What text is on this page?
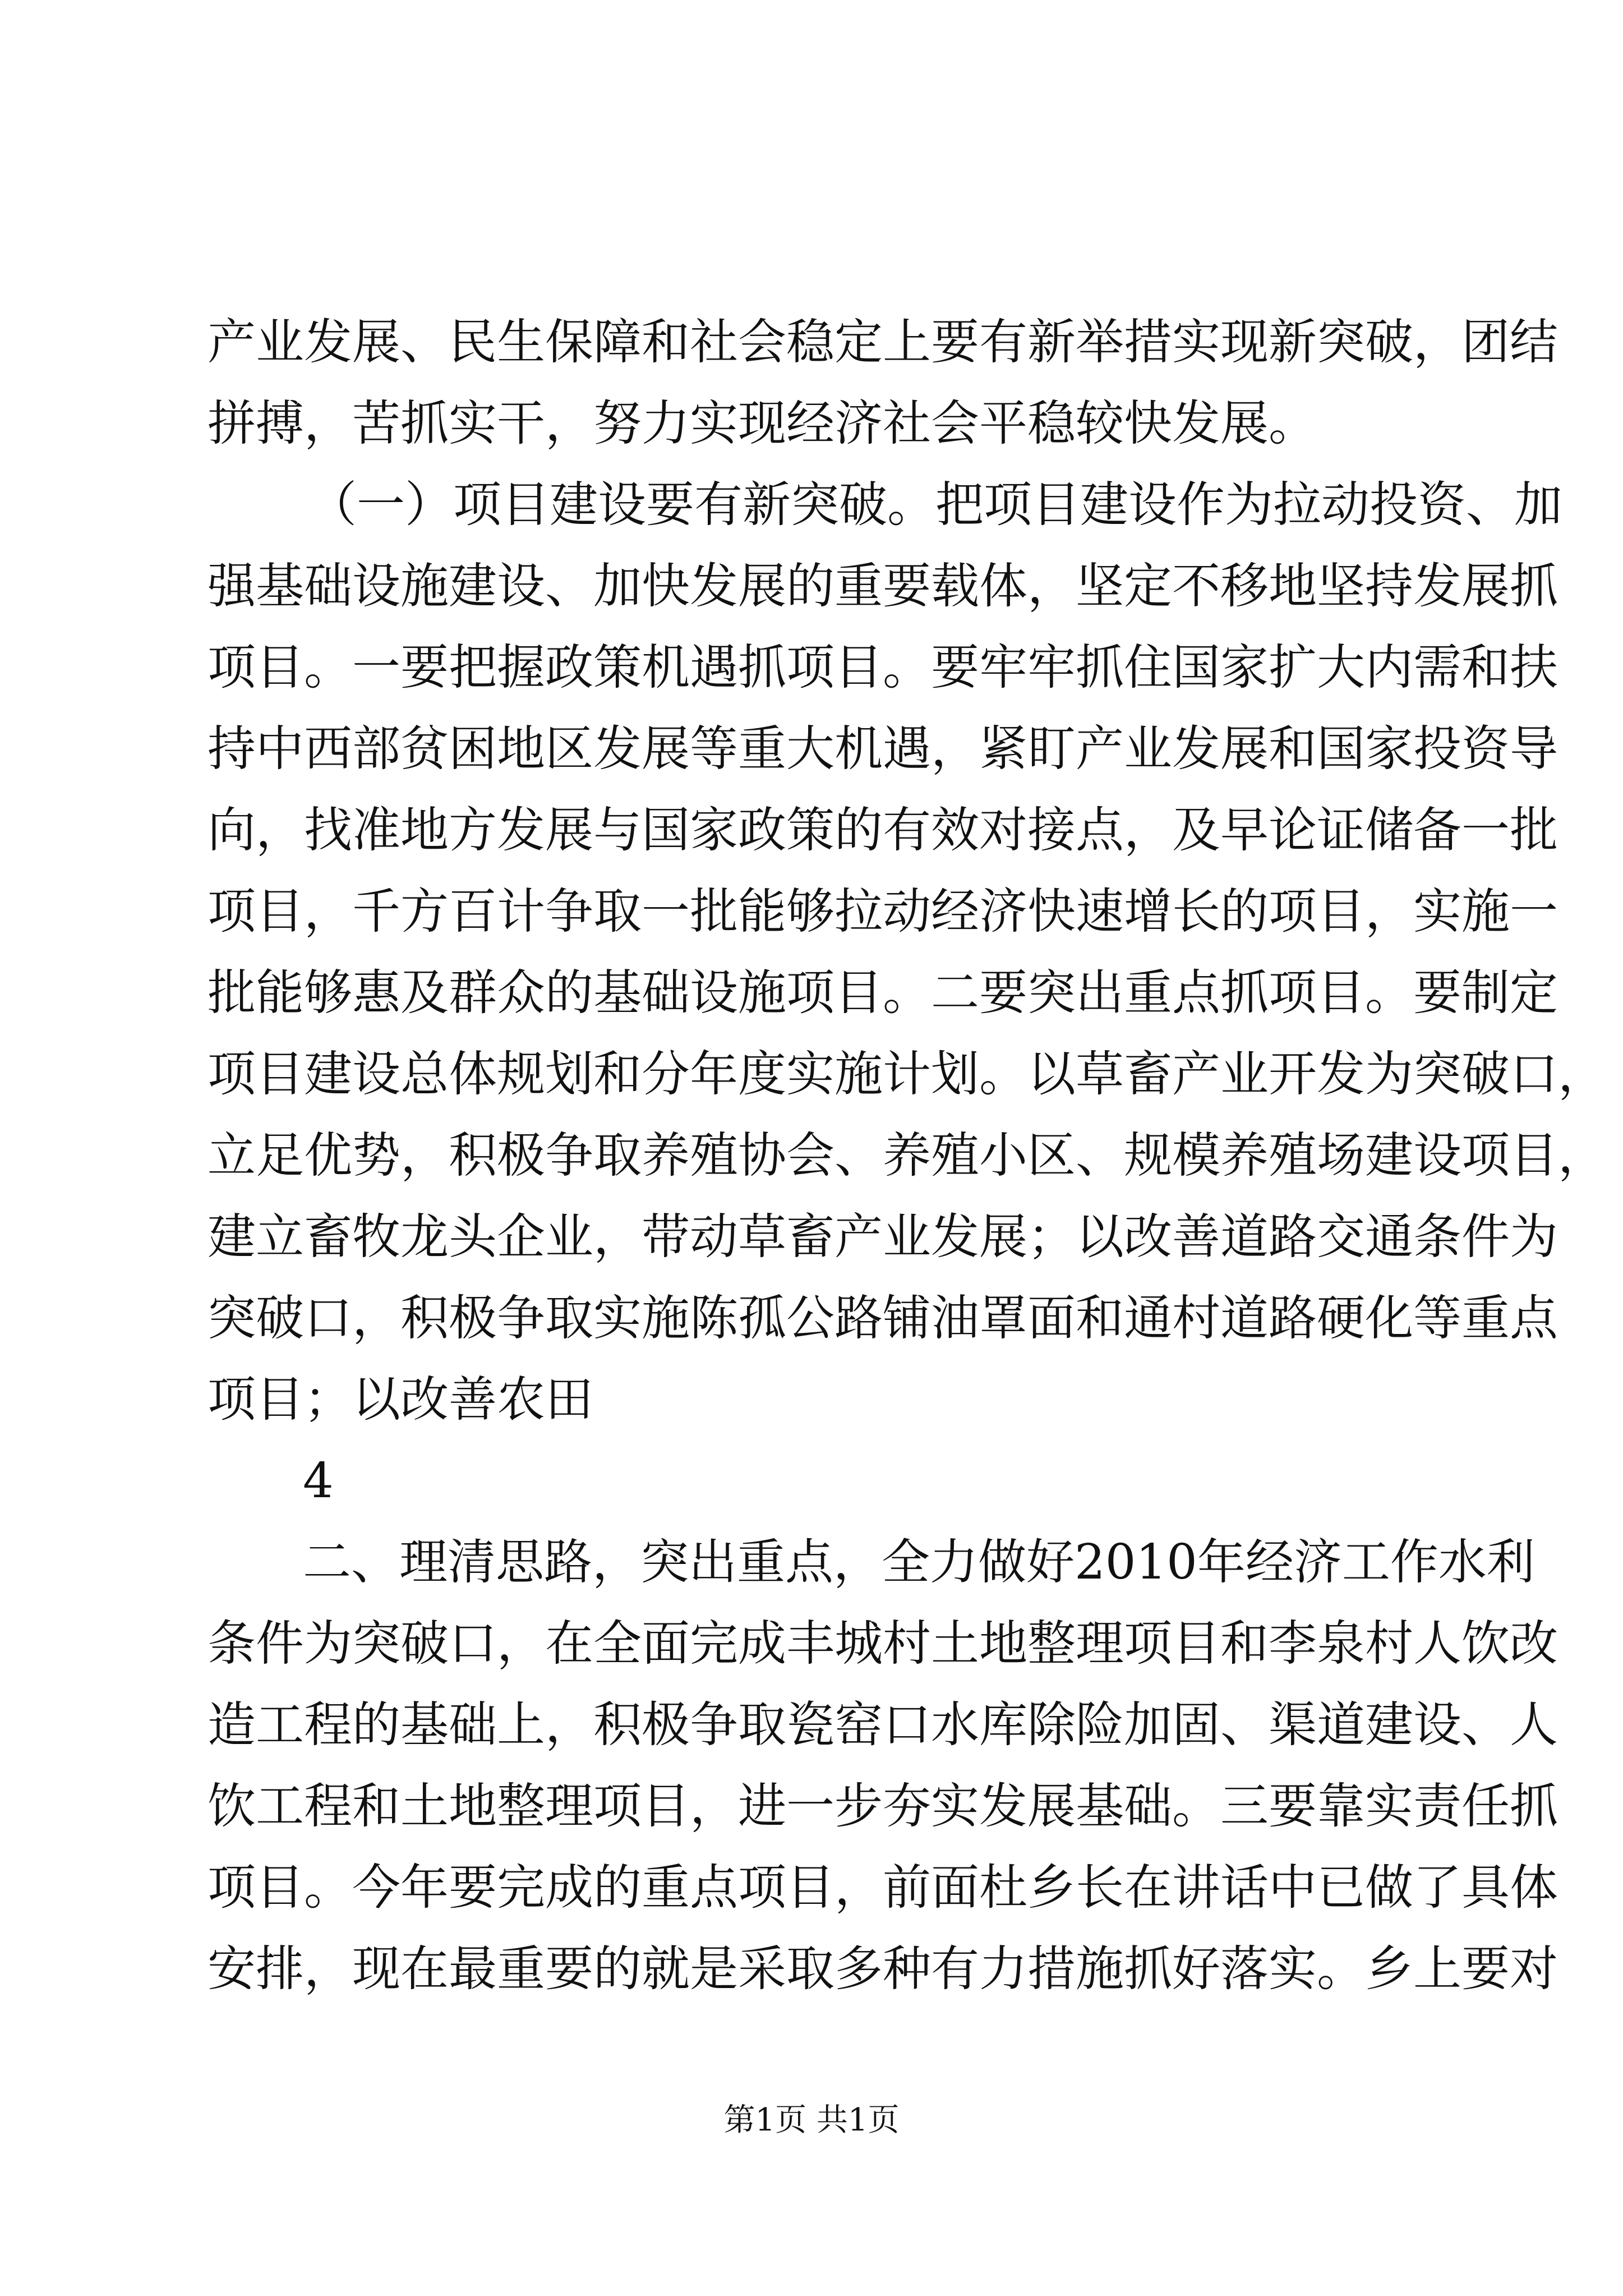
产业发展、民生保障和社会稳定上要有新举措实现新突破，团结
拼搏，苦抓实干，努力实现经济社会平稳较快发展。
（一）项目建设要有新突破。把项目建设作为拉动投资、加
强基础设施建设、加快发展的重要载体，坚定不移地坚持发展抓
项目。一要把握政策机遇抓项目。要牢牢抓住国家扩大内需和扶
持中西部贫困地区发展等重大机遇，紧盯产业发展和国家投资导
向，找准地方发展与国家政策的有效对接点，及早论证储备一批
项目，千方百计争取一批能够拉动经济快速增长的项目，实施一
批能够惠及群众的基础设施项目。二要突出重点抓项目。要制定
项目建设总体规划和分年度实施计划。以草畜产业开发为突破口，
立足优势，积极争取养殖协会、养殖小区、规模养殖场建设项目，
建立畜牧龙头企业，带动草畜产业发展；以改善道路交通条件为
突破口，积极争取实施陈孤公路铺油罩面和通村道路硬化等重点
项目；以改善农田
4
二、理清思路，突出重点，全力做好2010年经济工作水利
条件为突破口，在全面完成丰城村土地整理项目和李泉村人饮改
造工程的基础上，积极争取瓷窑口水库除险加固、渠道建设、人
饮工程和土地整理项目，进一步夯实发展基础。三要靠实责任抓
项目。今年要完成的重点项目，前面杜乡长在讲话中已做了具体
安排，现在最重要的就是采取多种有力措施抓好落实。乡上要对
第1页 共1页
